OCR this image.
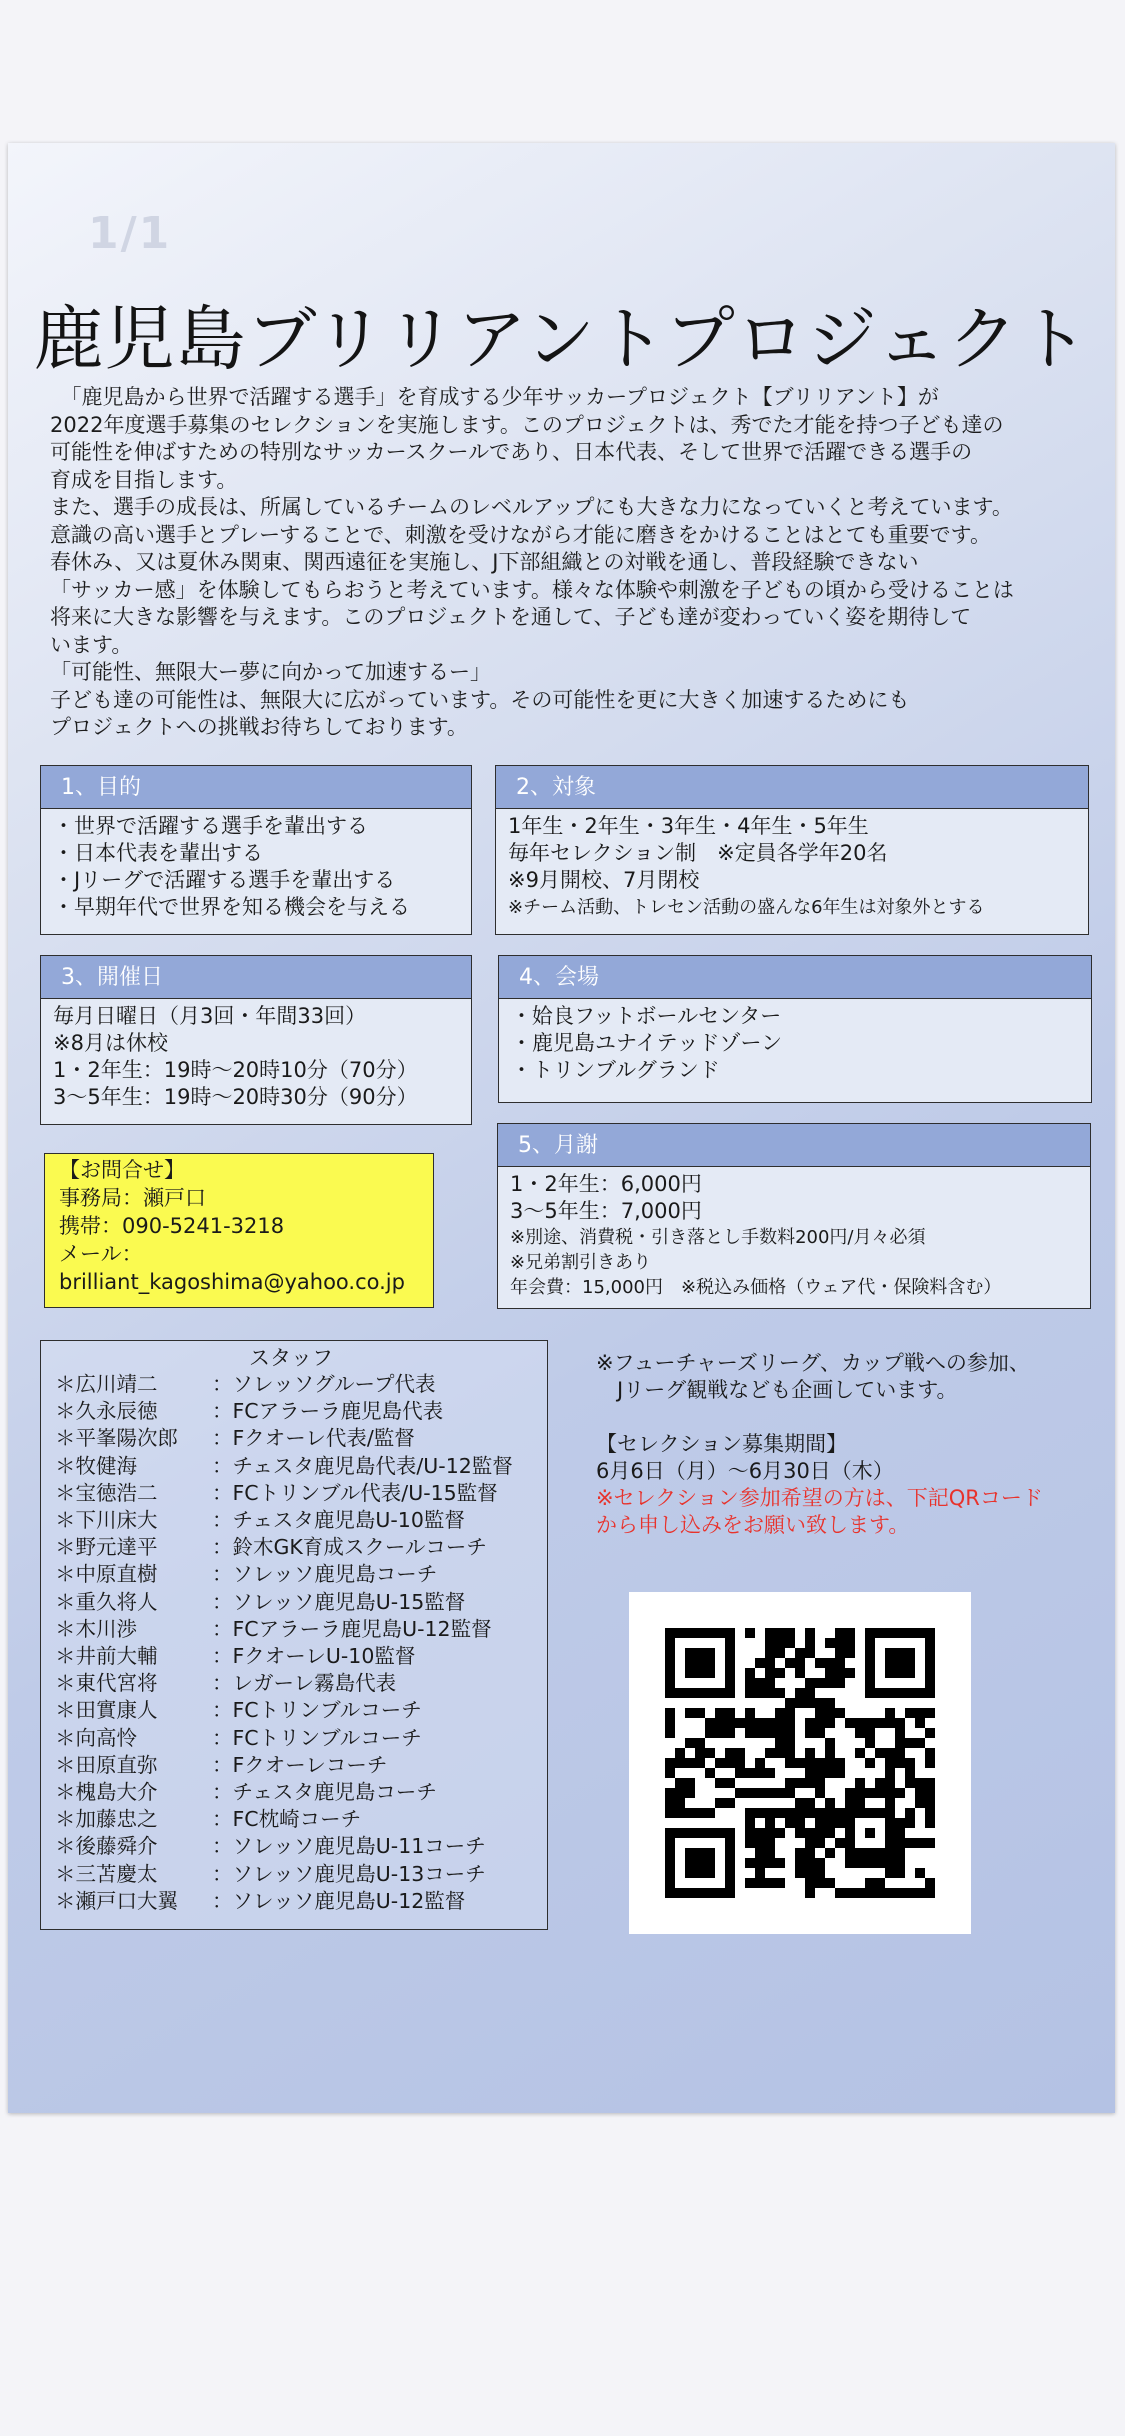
1/1
鹿児島ブリリアントプロジェクト

　「鹿児島から世界で活躍する選手」を育成する少年サッカープロジェクト【ブリリアント】が

2022年度選手募集のセレクションを実施します。このプロジェクトは、秀でた才能を持つ子ども達の

可能性を伸ばすための特別なサッカースクールであり、日本代表、そして世界で活躍できる選手の

育成を目指します。

また、選手の成長は、所属しているチームのレベルアップにも大きな力になっていくと考えています。

意識の高い選手とプレーすることで、刺激を受けながら才能に磨きをかけることはとても重要です。

春休み、又は夏休み関東、関西遠征を実施し、J下部組織との対戦を通し、普段経験できない

「サッカー感」を体験してもらおうと考えています。様々な体験や刺激を子どもの頃から受けることは

将来に大きな影響を与えます。このプロジェクトを通して、子ども達が変わっていく姿を期待して

います。

「可能性、無限大ー夢に向かって加速するー」

子ども達の可能性は、無限大に広がっています。その可能性を更に大きく加速するためにも

プロジェクトへの挑戦お待ちしております。

1、目的

・世界で活躍する選手を輩出する

・日本代表を輩出する

・Jリーグで活躍する選手を輩出する

・早期年代で世界を知る機会を与える

2、対象

1年生・2年生・3年生・4年生・5年生

毎年セレクション制　※定員各学年20名

※9月開校、7月閉校

※チーム活動、トレセン活動の盛んな6年生は対象外とする

3、開催日

毎月日曜日（月3回・年間33回）

※8月は休校

1・2年生：19時～20時10分（70分）

3～5年生：19時～20時30分（90分）

4、会場

・姶良フットボールセンター

・鹿児島ユナイテッドゾーン

・トリンブルグランド

【お問合せ】

事務局：瀬戸口

携帯：090-5241-3218

メール：

brilliant_kagoshima@yahoo.co.jp

5、月謝

1・2年生：6,000円

3～5年生：7,000円

※別途、消費税・引き落とし手数料200円/月々必須

※兄弟割引きあり

年会費：15,000円　※税込み価格（ウェア代・保険料含む）

スタッフ
＊広川靖二	：ソレッソグループ代表
＊久永辰徳	：FCアラーラ鹿児島代表
＊平峯陽次郎	：Fクオーレ代表/監督
＊牧健海	：チェスタ鹿児島代表/U-12監督
＊宝徳浩二	：FCトリンブル代表/U-15監督
＊下川床大	：チェスタ鹿児島U-10監督
＊野元達平	：鈴木GK育成スクールコーチ
＊中原直樹	：ソレッソ鹿児島コーチ
＊重久将人	：ソレッソ鹿児島U-15監督
＊木川渉	：FCアラーラ鹿児島U-12監督
＊井前大輔	：FクオーレU-10監督
＊東代宮将	：レガーレ霧島代表
＊田實康人	：FCトリンブルコーチ
＊向高怜	：FCトリンブルコーチ
＊田原直弥	：Fクオーレコーチ
＊槐島大介	：チェスタ鹿児島コーチ
＊加藤忠之	：FC枕崎コーチ
＊後藤舜介	：ソレッソ鹿児島U-11コーチ
＊三苫慶太	：ソレッソ鹿児島U-13コーチ
＊瀬戸口大翼	：ソレッソ鹿児島U-12監督

※フューチャーズリーグ、カップ戦への参加、

　Jリーグ観戦なども企画しています。

【セレクション募集期間】

6月6日（月）～6月30日（木）

※セレクション参加希望の方は、下記QRコード

から申し込みをお願い致します。
